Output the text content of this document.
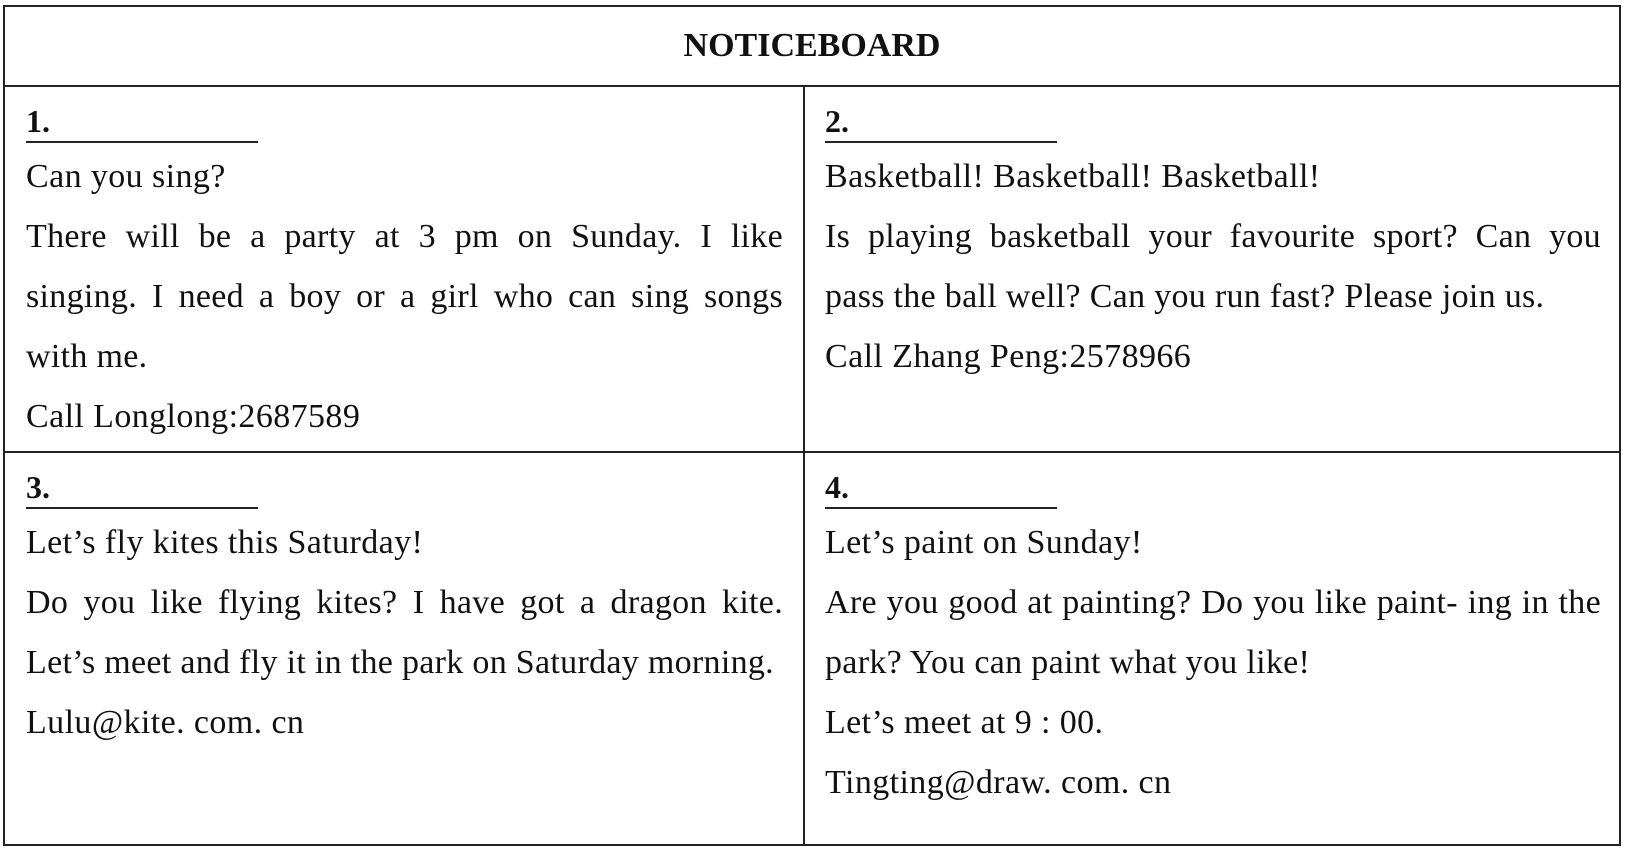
NOTICEBOARD
1.
Can you sing?
There will be a party at 3 pm on Sunday. I like singing. I need a boy or a girl who can sing songs with me.
Call Longlong:2687589
2.
Basketball! Basketball! Basketball!
Is playing basketball your favourite sport? Can you pass the ball well? Can you run fast? Please join us.
Call Zhang Peng:2578966
3.
Let’s fly kites this Saturday!
Do you like flying kites? I have got a dragon kite. Let’s meet and fly it in the park on Saturday morning.
Lulu@kite. com. cn
4.
Let’s paint on Sunday!
Are you good at painting? Do you like paint- ing in the park? You can paint what you like!
Let’s meet at 9 : 00.
Tingting@draw. com. cn
